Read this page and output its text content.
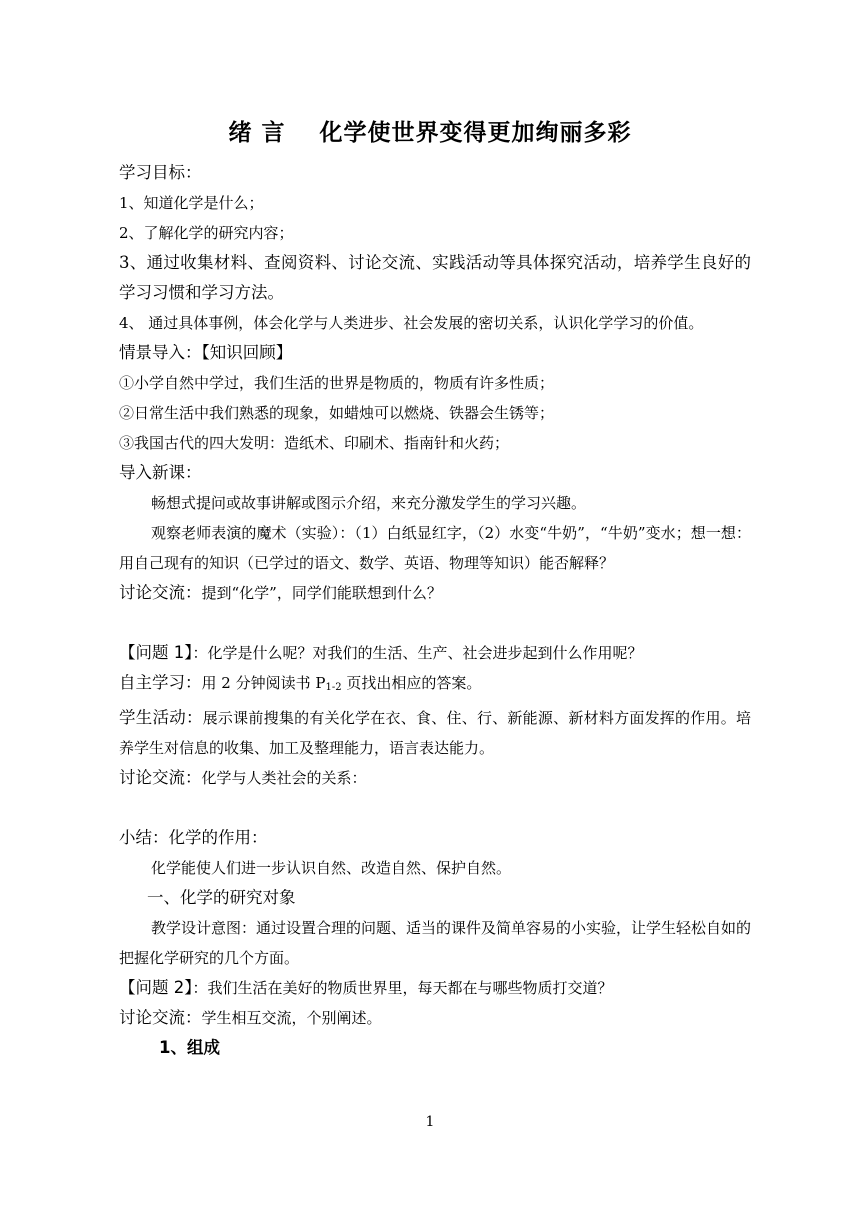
绪 言 化学使世界变得更加绚丽多彩

学习目标：

1、知道化学是什么；

2、了解化学的研究内容；

3、通过收集材料、查阅资料、讨论交流、实践活动等具体探究活动，培养学生良好的学习习惯和学习方法。

4、 通过具体事例，体会化学与人类进步、社会发展的密切关系，认识化学学习的价值。

情景导入：【知识回顾】

①小学自然中学过，我们生活的世界是物质的，物质有许多性质；

②日常生活中我们熟悉的现象，如蜡烛可以燃烧、铁器会生锈等；

③我国古代的四大发明：造纸术、印刷术、指南针和火药；

导入新课：

畅想式提问或故事讲解或图示介绍，来充分激发学生的学习兴趣。

观察老师表演的魔术（实验）：（1）白纸显红字，（2）水变“牛奶”，“牛奶”变水；想一想：用自己现有的知识（已学过的语文、数学、英语、物理等知识）能否解释？

讨论交流：提到“化学”，同学们能联想到什么？

【问题 1】：化学是什么呢？对我们的生活、生产、社会进步起到什么作用呢？

自主学习：用 2 分钟阅读书 $P_{1-2}$ 页找出相应的答案。

学生活动：展示课前搜集的有关化学在衣、食、住、行、新能源、新材料方面发挥的作用。培养学生对信息的收集、加工及整理能力，语言表达能力。

讨论交流：化学与人类社会的关系：

小结：化学的作用：

化学能使人们进一步认识自然、改造自然、保护自然。

一、化学的研究对象

教学设计意图：通过设置合理的问题、适当的课件及简单容易的小实验，让学生轻松自如的把握化学研究的几个方面。

【问题 2】：我们生活在美好的物质世界里，每天都在与哪些物质打交道？

讨论交流：学生相互交流，个别阐述。

1、组成

1
